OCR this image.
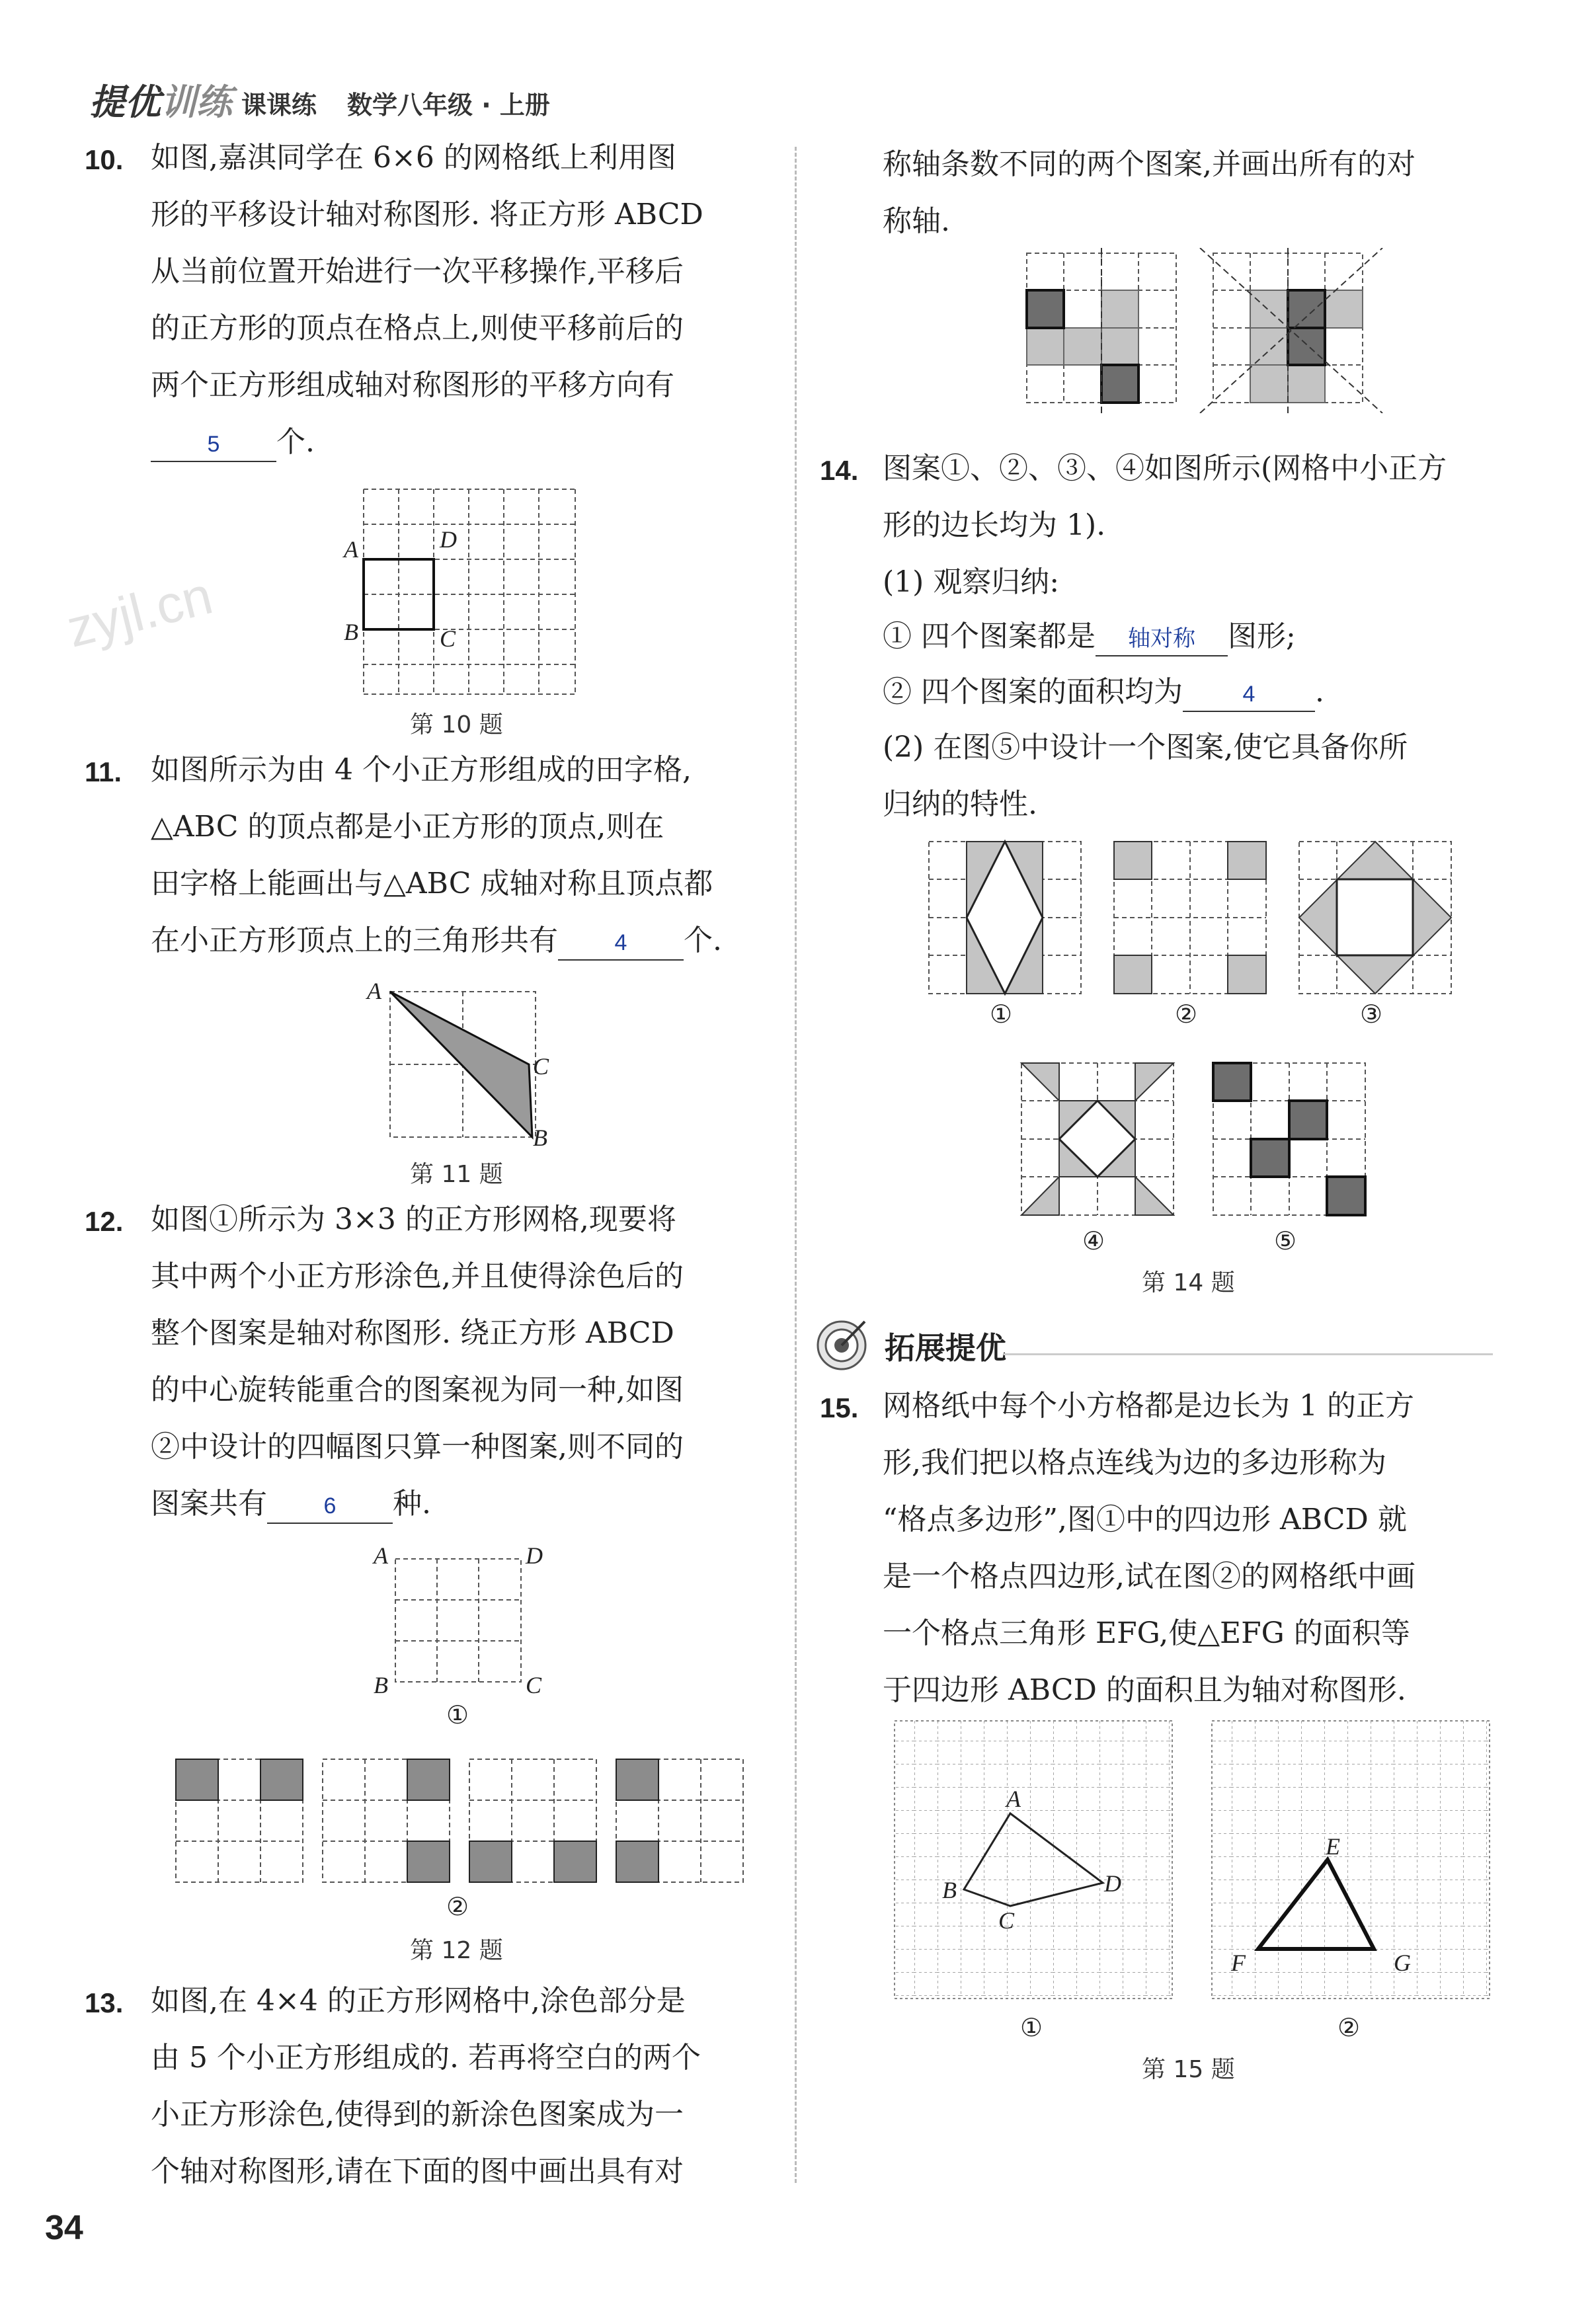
提优训练 课课练 数学八年级 · 上册
zyjl.cn
10. 如图,嘉淇同学在 6×6 的网格纸上利用图
形的平移设计轴对称图形. 将正方形 ABCD
从当前位置开始进行一次平移操作,平移后
的正方形的顶点在格点上,则使平移前后的
两个正方形组成轴对称图形的平移方向有
5 个.
A	D
B	C
第 10 题
11. 如图所示为由 4 个小正方形组成的田字格,
△ABC 的顶点都是小正方形的顶点,则在
田字格上能画出与△ABC 成轴对称且顶点都
在小正方形顶点上的三角形共有	4 个.
A
C
B
第 11 题
12. 如图①所示为 3×3 的正方形网格,现要将
其中两个小正方形涂色,并且使得涂色后的
整个图案是轴对称图形. 绕正方形 ABCD
的中心旋转能重合的图案视为同一种,如图
②中设计的四幅图只算一种图案,则不同的
图案共有	6 种.
A	D
B	C
①
②
第 12 题
13. 如图,在 4×4 的正方形网格中,涂色部分是
由 5 个小正方形组成的. 若再将空白的两个
小正方形涂色,使得到的新涂色图案成为一
个轴对称图形,请在下面的图中画出具有对
称轴条数不同的两个图案,并画出所有的对
称轴.
14. 图案①、②、③、④如图所示(网格中小正方
形的边长均为 1).
(1) 观察归纳:
① 四个图案都是 轴对称 图形;
② 四个图案的面积均为	4 .
(2) 在图⑤中设计一个图案,使它具备你所
归纳的特性.
①	②	③
④	⑤
第 14 题
拓展提优
15. 网格纸中每个小方格都是边长为 1 的正方
形,我们把以格点连线为边的多边形称为
“格点多边形”,图①中的四边形 ABCD 就
是一个格点四边形,试在图②的网格纸中画
一个格点三角形 EFG,使△EFG 的面积等
于四边形 ABCD 的面积且为轴对称图形.
A
B
C
D
E
F	G
①	②
第 15 题
34
